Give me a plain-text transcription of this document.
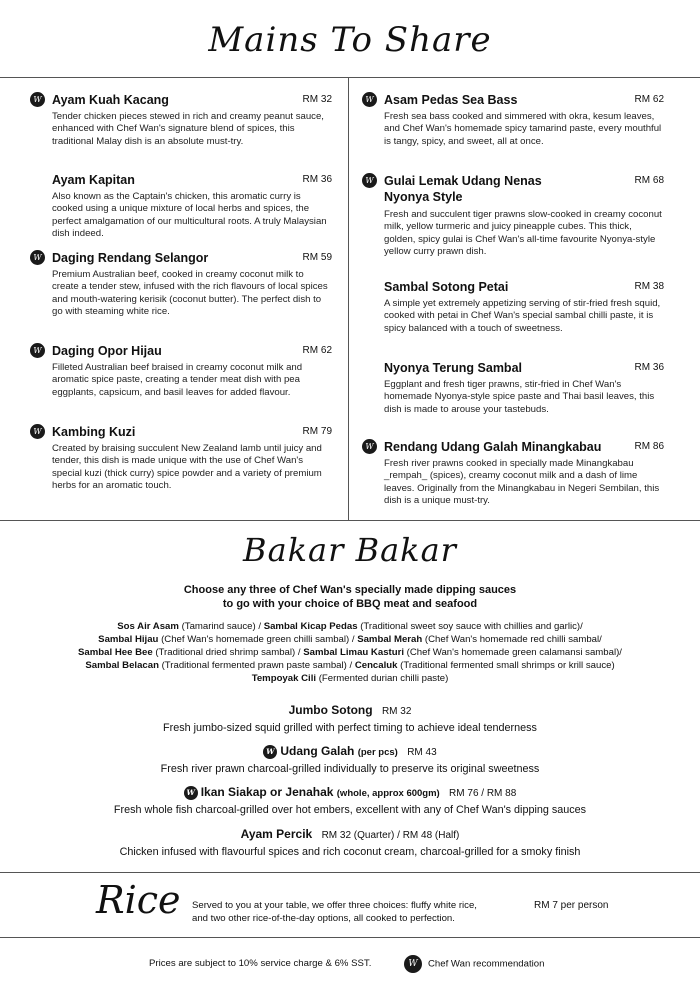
Mains To Share
W Ayam Kuah Kacang	RM 32
Tender chicken pieces stewed in rich and creamy peanut sauce, enhanced with Chef Wan's signature blend of spices, this traditional Malay dish is an absolute must-try.
Ayam Kapitan	RM 36
Also known as the Captain's chicken, this aromatic curry is cooked using a unique mixture of local herbs and spices, the perfect amalgamation of our multicultural roots. A truly Malaysian dish indeed.
W Daging Rendang Selangor	RM 59
Premium Australian beef, cooked in creamy coconut milk to create a tender stew, infused with the rich flavours of local spices and mouth-watering kerisik (coconut butter). The perfect dish to go with steaming white rice.
W Daging Opor Hijau	RM 62
Filleted Australian beef braised in creamy coconut milk and aromatic spice paste, creating a tender meat dish with pea eggplants, capsicum, and basil leaves for added flavour.
W Kambing Kuzi	RM 79
Created by braising succulent New Zealand lamb until juicy and tender, this dish is made unique with the use of Chef Wan's special kuzi (thick curry) spice powder and a variety of premium herbs for an aromatic touch.
W Asam Pedas Sea Bass	RM 62
Fresh sea bass cooked and simmered with okra, kesum leaves, and Chef Wan's homemade spicy tamarind paste, every mouthful is tangy, spicy, and sweet, all at once.
W Gulai Lemak Udang Nenas Nyonya Style
RM 68
Fresh and succulent tiger prawns slow-cooked in creamy coconut milk, yellow turmeric and juicy pineapple cubes. This thick, golden, spicy gulai is Chef Wan's all-time favourite Nyonya-style yellow curry prawn dish.
Sambal Sotong Petai	RM 38
A simple yet extremely appetizing serving of stir-fried fresh squid, cooked with petai in Chef Wan's special sambal chilli paste, it is spicy balanced with a touch of sweetness.
Nyonya Terung Sambal	RM 36
Eggplant and fresh tiger prawns, stir-fried in Chef Wan's homemade Nyonya-style spice paste and Thai basil leaves, this dish is made to arouse your tastebuds.
W Rendang Udang Galah Minangkabau	RM 86
Fresh river prawns cooked in specially made Minangkabau _rempah_ (spices), creamy coconut milk and a dash of lime leaves. Originally from the Minangkabau in Negeri Sembilan, this dish is a unique must-try.
Bakar Bakar
Choose any three of Chef Wan's specially made dipping sauces
to go with your choice of BBQ meat and seafood
Sos Air Asam (Tamarind sauce) / Sambal Kicap Pedas (Traditional sweet soy sauce with chillies and garlic)/
Sambal Hijau (Chef Wan's homemade green chilli sambal) / Sambal Merah (Chef Wan's homemade red chilli sambal/
Sambal Hee Bee (Traditional dried shrimp sambal) / Sambal Limau Kasturi (Chef Wan's homemade green calamansi sambal)/
Sambal Belacan (Traditional fermented prawn paste sambal) / Cencaluk (Traditional fermented small shrimps or krill sauce)
Tempoyak Cili (Fermented durian chilli paste)
Jumbo Sotong RM 32
Fresh jumbo-sized squid grilled with perfect timing to achieve ideal tenderness
W Udang Galah (per pcs) RM 43
Fresh river prawn charcoal-grilled individually to preserve its original sweetness
W Ikan Siakap or Jenahak (whole, approx 600gm) RM 76 / RM 88
Fresh whole fish charcoal-grilled over hot embers, excellent with any of Chef Wan's dipping sauces
Ayam Percik RM 32 (Quarter) / RM 48 (Half)
Chicken infused with flavourful spices and rich coconut cream, charcoal-grilled for a smoky finish
Rice Served to you at your table, we offer three choices: fluffy white rice,
and two other rice-of-the-day options, all cooked to perfection.
RM 7 per person
Prices are subject to 10% service charge & 6% SST.	W Chef Wan recommendation
